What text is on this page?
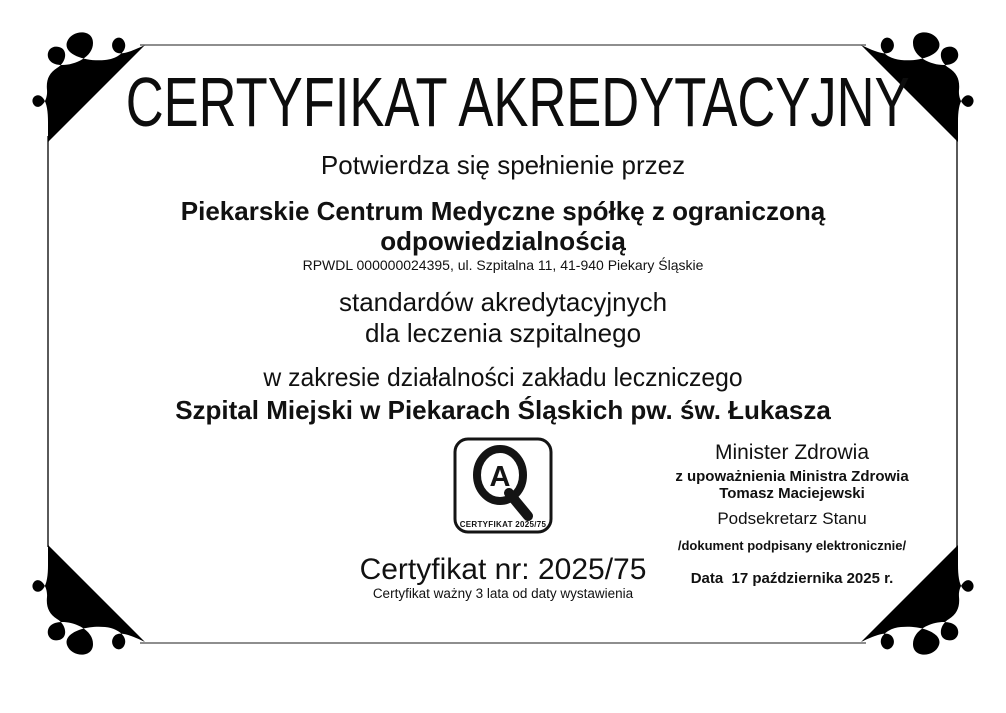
CERTYFIKAT AKREDYTACYJNY
Potwierdza się spełnienie przez
Piekarskie Centrum Medyczne spółkę z ograniczoną odpowiedzialnością
RPWDL 000000024395, ul. Szpitalna 11, 41-940 Piekary Śląskie
standardów akredytacyjnych
dla leczenia szpitalnego
w zakresie działalności zakładu leczniczego
Szpital Miejski w Piekarach Śląskich pw. św. Łukasza
A
CERTYFIKAT 2025/75
Minister Zdrowia
z upoważnienia Ministra Zdrowia
Tomasz Maciejewski
Podsekretarz Stanu
/dokument podpisany elektronicznie/
Data  17 października 2025 r.
Certyfikat nr: 2025/75
Certyfikat ważny 3 lata od daty wystawienia
